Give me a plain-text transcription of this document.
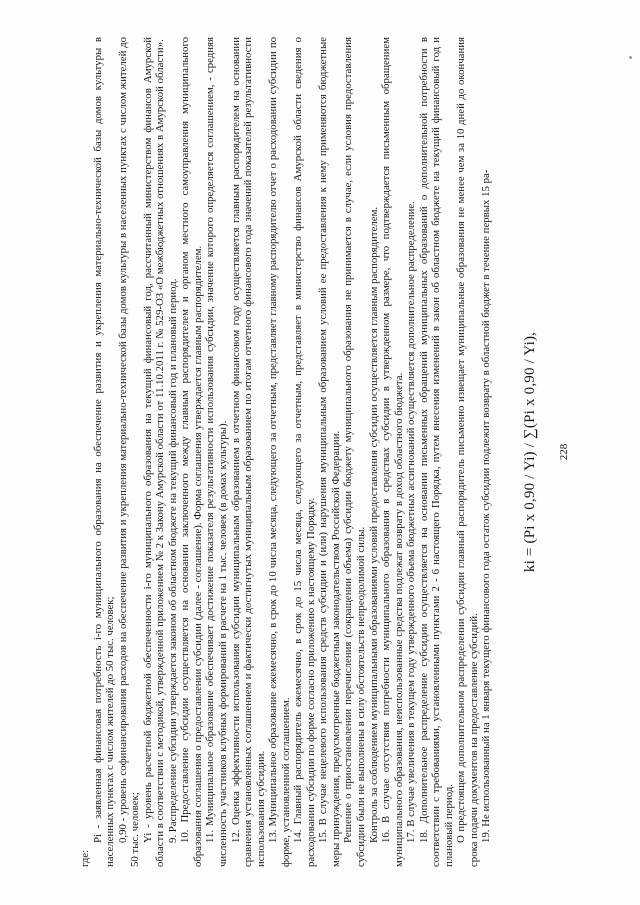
где:

Pi - заявленная финансовая потребность i-го муниципального образования на обеспечение развития и укрепления материально-технической базы домов культуры в населенных пунктах с числом жителей до 50 тыс. человек; 0,90 - уровень софинансирования расходов на обеспечение развития и укрепления материально-технической базы домов культуры в населенных пунктах с числом жителей до 50 тыс. человек; Yi - уровень расчетной бюджетной обеспеченности i-го муниципального образования на текущий финансовый год, рассчитанный министерством финансов Амурской области в соответствии с методикой, утвержденной приложением № 2 к Закону Амурской области от 11.10.2011 г. № 529-ОЗ «О межбюджетных отношениях в Амурской области». 9. Распределение субсидии утверждается законом об областном бюджете на текущий финансовый год и плановый период. 10. Предоставление субсидии осуществляется на основании заключенного между главным распорядителем и органом местного самоуправления муниципального образования соглашения о предоставлении субсидии (далее - соглашение). Форма соглашения утверждается главным распорядителем. 11. Муниципальное образование обеспечивает достижение показателя результативности использования субсидии, значение которого определяется соглашением, - средняя численность участников клубных формирований в расчете на 1 тыс. человек (в домах культуры). 12. Оценка эффективности использования субсидии муниципальным образованием в отчетном финансовом году осуществляется главным распорядителем на основании сравнения установленных соглашением и фактически достигнутых муниципальным образованием по итогам отчетного финансового года значений показателей результативности использования субсидии. 13. Муниципальное образование ежемесячно, в срок до 10 числа месяца, следующего за отчетным, представляет главному распорядителю отчет о расходовании субсидии по форме, установленной соглашением. 14. Главный распорядитель ежемесячно, в срок до 15 числа месяца, следующего за отчетным, представляет в министерство финансов Амурской области сведения о расходовании субсидии по форме согласно приложению к настоящему Порядку. 15. В случае нецелевого использования средств субсидии и (или) нарушения муниципальным образованием условий ее предоставления к нему применяются бюджетные меры принуждения, предусмотренные бюджетным законодательством Российской Федерации. Решение о приостановлении перечисления (сокращении объема) субсидии бюджету муниципального образования не принимается в случае, если условия предоставления субсидии были не выполнены в силу обстоятельств непреодолимой силы. Контроль за соблюдением муниципальными образованиями условий предоставления субсидии осуществляется главным распорядителем. 16. В случае отсутствия потребности муниципального образования в средствах субсидии в утвержденном размере, что подтверждается письменным обращением муниципального образования, неиспользованные средства подлежат возврату в доход областного бюджета. 17. В случае увеличения в текущем году утвержденного объема бюджетных ассигнований осуществляется дополнительное распределение. 18. Дополнительное распределение субсидии осуществляется на основании письменных обращений муниципальных образований о дополнительной потребности в соответствии с требованиями, установленными пунктами 2 - 6 настоящего Порядка, путем внесения изменений в закон об областном бюджете на текущий финансовый год и плановый период. О предстоящем дополнительном распределении субсидии главный распорядитель письменно извещает муниципальные образования не менее чем за 10 дней до окончания срока подачи документов на предоставление субсидий. 19. Не использованный на 1 января текущего финансового года остаток субсидии подлежит возврату в областной бюджет в течение первых 15 ра- ki = (Pi x 0,90 / Yi) / ∑(Pi x 0,90 / Yi), 228
